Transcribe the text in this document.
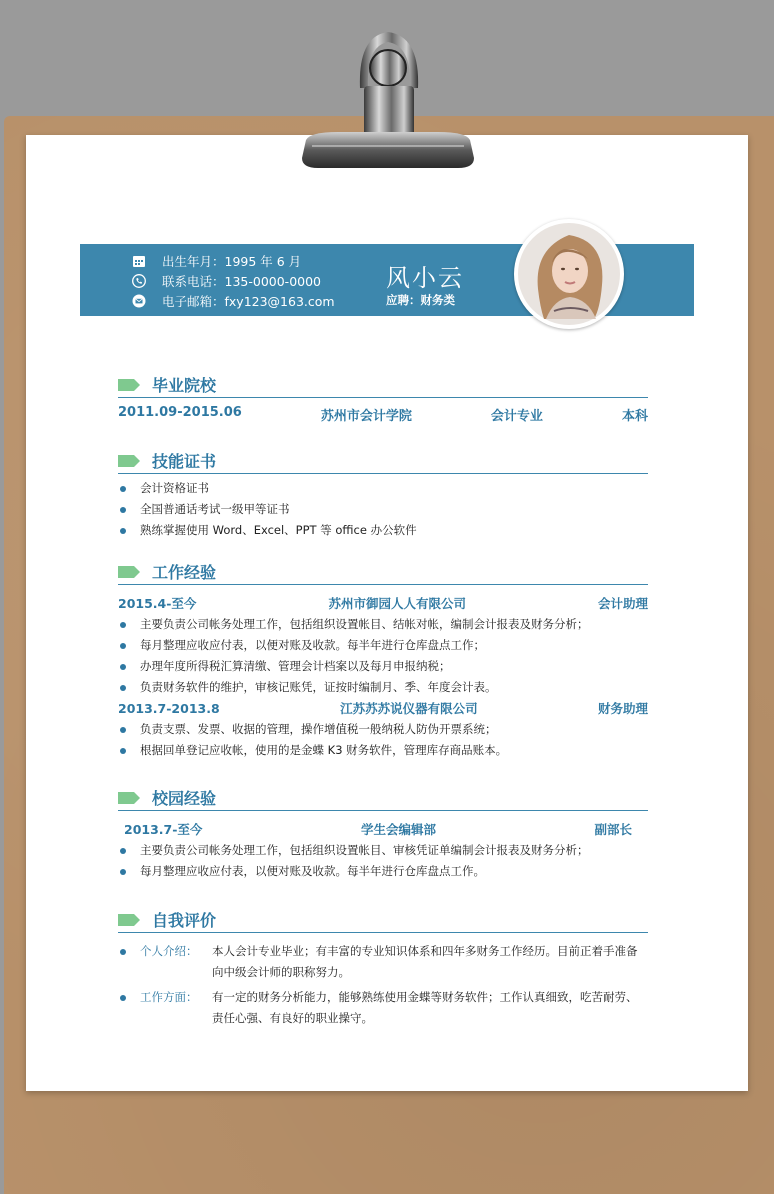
出生年月：1995 年 6 月
联系电话：135-0000-0000
电子邮箱：fxy123@163.com
风小云
应聘：财务类
毕业院校
2011.09-2015.06	苏州市会计学院	会计专业	本科
技能证书
会计资格证书
全国普通话考试一级甲等证书
熟练掌握使用 Word、Excel、PPT 等 office 办公软件
工作经验
2015.4-至今	苏州市御园人人有限公司	会计助理
主要负责公司帐务处理工作，包括组织设置帐目、结帐对帐，编制会计报表及财务分析；
每月整理应收应付表，以便对账及收款。每半年进行仓库盘点工作；
办理年度所得税汇算清缴、管理会计档案以及每月申报纳税；
负责财务软件的维护，审核记账凭，证按时编制月、季、年度会计表。
2013.7-2013.8	江苏苏苏说仪器有限公司	财务助理
负责支票、发票、收据的管理，操作增值税一般纳税人防伪开票系统；
根据回单登记应收帐，使用的是金蝶 K3 财务软件，管理库存商品账本。
校园经验
2013.7-至今	学生会编辑部	副部长
主要负责公司帐务处理工作，包括组织设置帐目、审核凭证单编制会计报表及财务分析；
每月整理应收应付表，以便对账及收款。每半年进行仓库盘点工作。
自我评价
个人介绍： 本人会计专业毕业；有丰富的专业知识体系和四年多财务工作经历。目前正着手准备向中级会计师的职称努力。
工作方面： 有一定的财务分析能力，能够熟练使用金蝶等财务软件；工作认真细致，吃苦耐劳、责任心强、有良好的职业操守。
